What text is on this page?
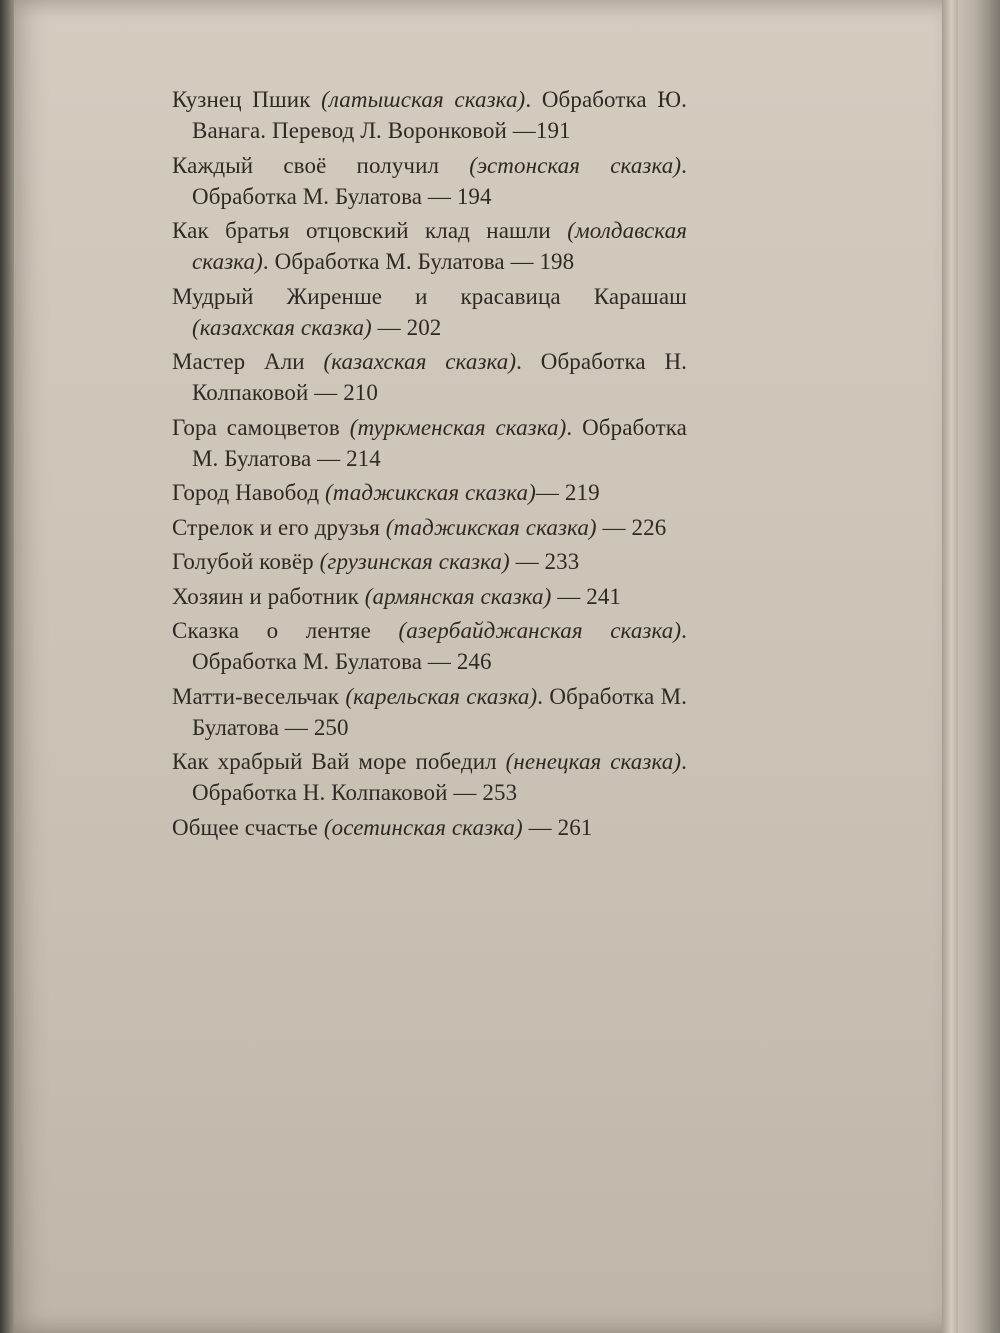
Кузнец Пшик (латышская сказка). Обработка Ю. Ванага. Перевод Л. Воронковой —191

Каждый своё получил (эстонская сказка). Обработка М. Булатова — 194

Как братья отцовский клад нашли (молдавская сказка). Обработка М. Булатова — 198

Мудрый Жиренше и красавица Карашаш (казахская сказка) — 202

Мастер Али (казахская сказка). Обработка Н. Колпаковой — 210

Гора самоцветов (туркменская сказка). Обработка М. Булатова — 214

Город Навобод (таджикская сказка)— 219

Стрелок и его друзья (таджикская сказка) — 226

Голубой ковёр (грузинская сказка) — 233

Хозяин и работник (армянская сказка) — 241

Сказка о лентяе (азербайджанская сказка). Обработка М. Булатова — 246

Матти-весельчак (карельская сказка). Обработка М. Булатова — 250

Как храбрый Вай море победил (ненецкая сказка). Обработка Н. Колпаковой — 253

Общее счастье (осетинская сказка) — 261
